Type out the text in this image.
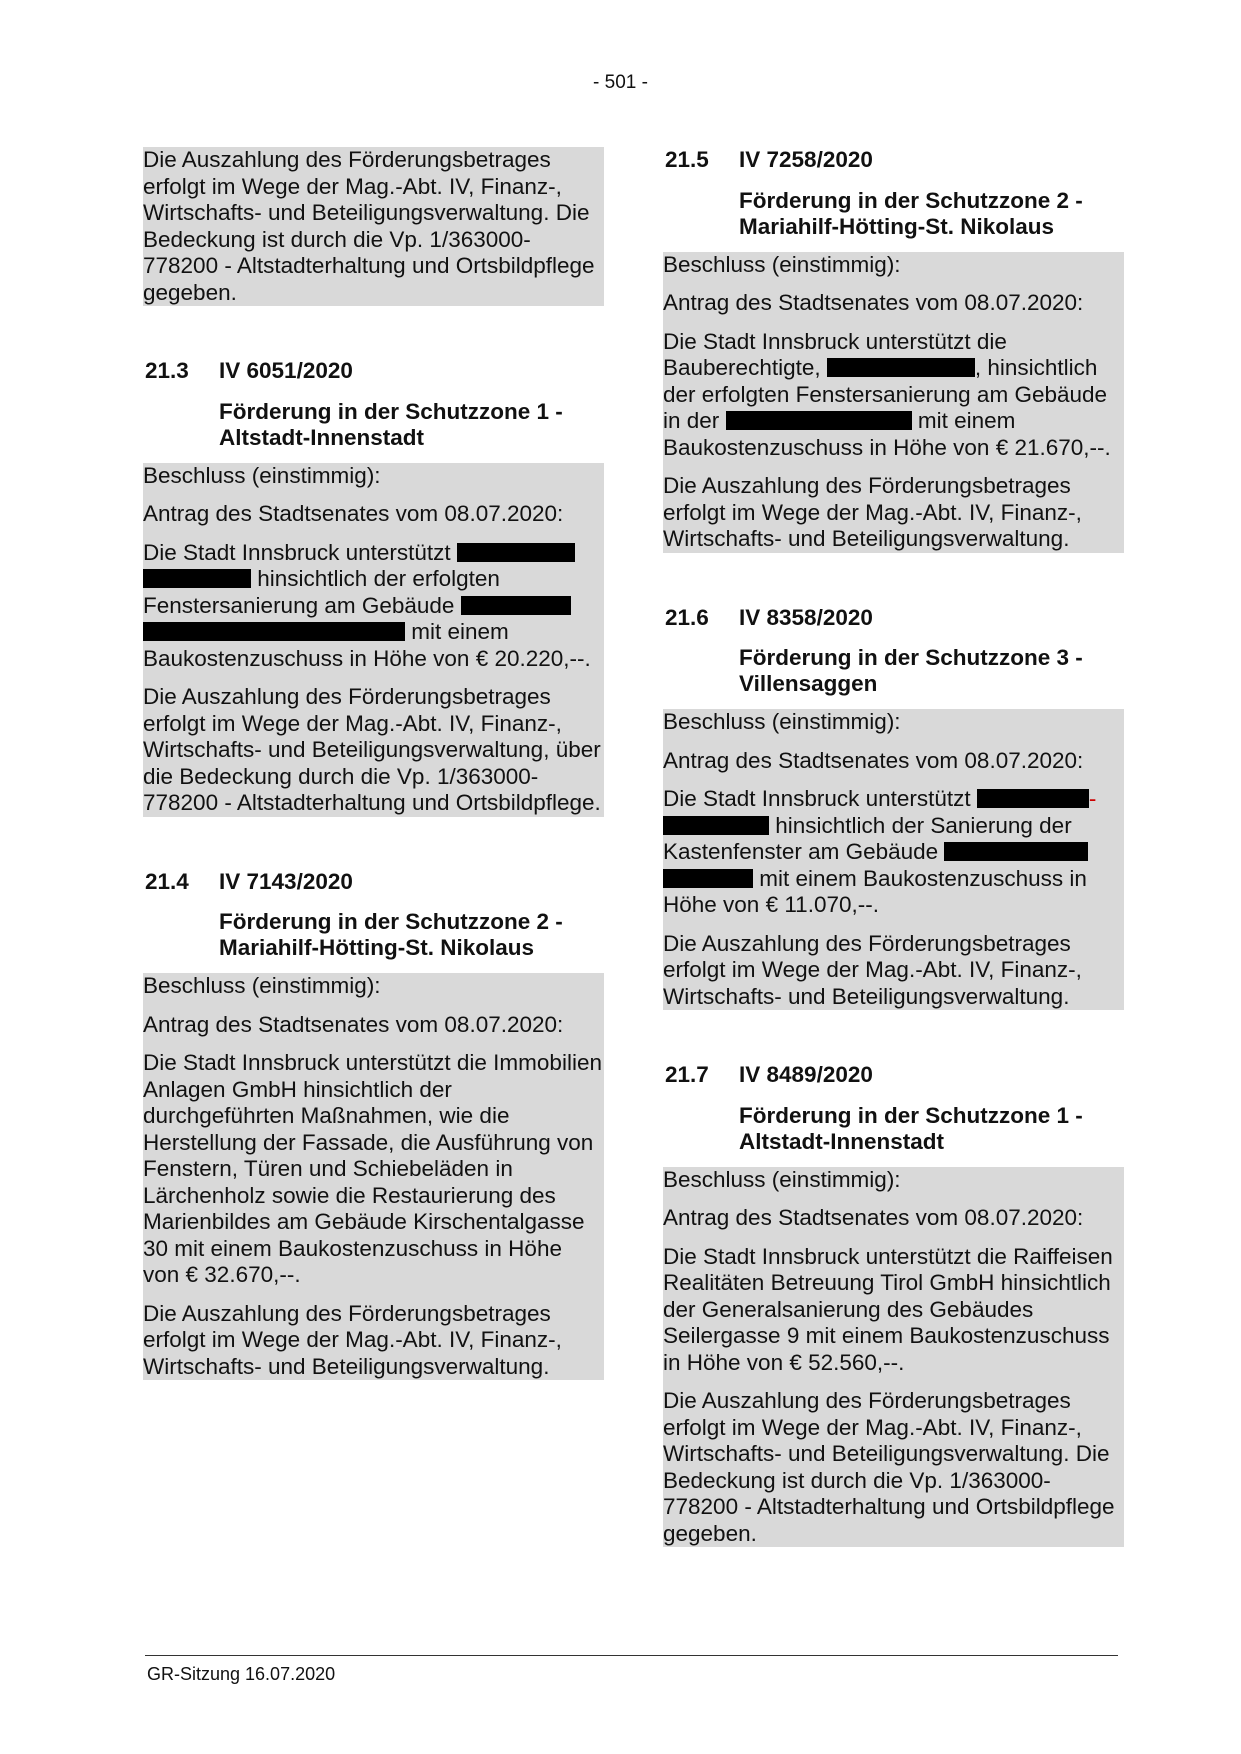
- 501 -

Die Auszahlung des Förderungsbetrages erfolgt im Wege der Mag.-Abt. IV, Finanz-, Wirtschafts- und Beteiligungsverwaltung. Die Bedeckung ist durch die Vp. 1/363000-778200 - Altstadterhaltung und Ortsbildpflege gegeben.

21.3 IV 6051/2020
Förderung in der Schutzzone 1 - Altstadt-Innenstadt

Beschluss (einstimmig):

Antrag des Stadtsenates vom 08.07.2020:

Die Stadt Innsbruck unterstützt   hinsichtlich der erfolgten Fenstersanierung am Gebäude   mit einem Baukostenzuschuss in Höhe von € 20.220,--.

Die Auszahlung des Förderungsbetrages erfolgt im Wege der Mag.-Abt. IV, Finanz-, Wirtschafts- und Beteiligungsverwaltung, über die Bedeckung durch die Vp. 1/363000-778200 - Altstadterhaltung und Ortsbildpflege.

21.4 IV 7143/2020
Förderung in der Schutzzone 2 - Mariahilf-Hötting-St. Nikolaus

Beschluss (einstimmig):

Antrag des Stadtsenates vom 08.07.2020:

Die Stadt Innsbruck unterstützt die Immobilien Anlagen GmbH hinsichtlich der durchgeführten Maßnahmen, wie die Herstellung der Fassade, die Ausführung von Fenstern, Türen und Schiebeläden in Lärchenholz sowie die Restaurierung des Marienbildes am Gebäude Kirschentalgasse 30 mit einem Baukostenzuschuss in Höhe von € 32.670,--.

Die Auszahlung des Förderungsbetrages erfolgt im Wege der Mag.-Abt. IV, Finanz-, Wirtschafts- und Beteiligungsverwaltung.

21.5 IV 7258/2020
Förderung in der Schutzzone 2 - Mariahilf-Hötting-St. Nikolaus

Beschluss (einstimmig):

Antrag des Stadtsenates vom 08.07.2020:

Die Stadt Innsbruck unterstützt die Bauberechtigte,	, hinsichtlich der erfolgten Fenstersanierung am Gebäude in der	mit einem Baukostenzuschuss in Höhe von € 21.670,--.

Die Auszahlung des Förderungsbetrages erfolgt im Wege der Mag.-Abt. IV, Finanz-, Wirtschafts- und Beteiligungsverwaltung.

21.6 IV 8358/2020
Förderung in der Schutzzone 3 - Villensaggen

Beschluss (einstimmig):

Antrag des Stadtsenates vom 08.07.2020:

Die Stadt Innsbruck unterstützt	-  hinsichtlich der Sanierung der Kastenfenster am Gebäude   mit einem Baukostenzuschuss in Höhe von € 11.070,--.

Die Auszahlung des Förderungsbetrages erfolgt im Wege der Mag.-Abt. IV, Finanz-, Wirtschafts- und Beteiligungsverwaltung.

21.7 IV 8489/2020
Förderung in der Schutzzone 1 - Altstadt-Innenstadt

Beschluss (einstimmig):

Antrag des Stadtsenates vom 08.07.2020:

Die Stadt Innsbruck unterstützt die Raiffeisen Realitäten Betreuung Tirol GmbH hinsichtlich der Generalsanierung des Gebäudes Seilergasse 9 mit einem Baukostenzuschuss in Höhe von € 52.560,--.

Die Auszahlung des Förderungsbetrages erfolgt im Wege der Mag.-Abt. IV, Finanz-, Wirtschafts- und Beteiligungsverwaltung. Die Bedeckung ist durch die Vp. 1/363000-778200 - Altstadterhaltung und Ortsbildpflege gegeben.

GR-Sitzung 16.07.2020
